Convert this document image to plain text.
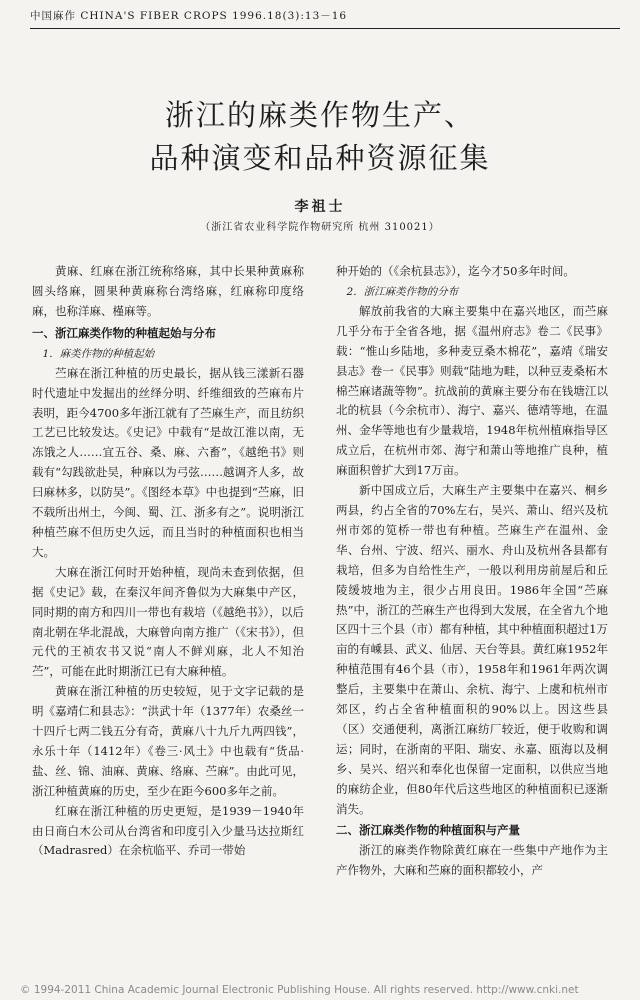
中国麻作 CHINA'S FIBER CROPS 1996.18(3):13－16
浙江的麻类作物生产、
品种演变和品种资源征集
李祖士
（浙江省农业科学院作物研究所 杭州 310021）

黄麻、红麻在浙江统称络麻，其中长果种黄麻称圆头络麻，圆果种黄麻称台湾络麻，红麻称印度络麻，也称洋麻、槿麻等。

一、浙江麻类作物的种植起始与分布
1．麻类作物的种植起始

苎麻在浙江种植的历史最长，据从钱三漾新石器时代遗址中发掘出的丝绎分明、纤维细致的苎麻布片表明，距今4700多年浙江就有了苎麻生产，而且纺织工艺已比较发达。《史记》中载有“是故江淮以南，无冻饿之人……宜五谷、桑、麻、六畜”，《越绝书》则载有“勾践欲赴吴，种麻以为弓弦……越调齐人多，故曰麻林多，以防吴”。《图经本草》中也提到“苎麻，旧不载所出州土，今闽、蜀、江、浙多有之”。说明浙江种植苎麻不但历史久远，而且当时的种植面积也相当大。

大麻在浙江何时开始种植，现尚未查到依据，但据《史记》载，在秦汉年间齐鲁似为大麻集中产区，同时期的南方和四川一带也有栽培（《越绝书》），以后南北朝在华北混战，大麻曾向南方推广（《宋书》），但元代的王祯农书又说“南人不鲜刈麻，北人不知治苎”，可能在此时期浙江已有大麻种植。

黄麻在浙江种植的历史较短，见于文字记载的是明《嘉靖仁和县志》：“洪武十年（1377年）农桑丝一十四斤七两二钱五分有奇，黄麻八十九斤九两四钱”，永乐十年（1412年）《卷三·风土》中也载有“货品·盐、丝、锦、油麻、黄麻、络麻、苎麻”。由此可见，浙江种植黄麻的历史，至少在距今600多年之前。

红麻在浙江种植的历史更短，是1939－1940年由日商白木公司从台湾省和印度引入少量马达拉斯红（Madrasred）在余杭临平、乔司一带始

种开始的（《余杭县志》），迄今才50多年时间。

2．浙江麻类作物的分布

解放前我省的大麻主要集中在嘉兴地区，而苎麻几乎分布于全省各地，据《温州府志》卷二《民事》载：“惟山乡陆地，多种麦豆桑木棉花”，嘉靖《瑞安县志》卷一《民事》则载“陆地为畦，以种豆麦桑柘木棉苎麻诸蔬等物”。抗战前的黄麻主要分布在钱塘江以北的杭县（今余杭市）、海宁、嘉兴、德靖等地，在温州、金华等地也有少量栽培，1948年杭州植麻指导区成立后，在杭州市郊、海宁和萧山等地推广良种，植麻面积曾扩大到17万亩。

新中国成立后，大麻生产主要集中在嘉兴、桐乡两县，约占全省的70%左右，吴兴、萧山、绍兴及杭州市郊的笕桥一带也有种植。苎麻生产在温州、金华、台州、宁波、绍兴、丽水、舟山及杭州各县都有栽培，但多为自给性生产，一般以利用房前屋后和丘陵缓坡地为主，很少占用良田。1986年全国“苎麻热”中，浙江的苎麻生产也得到大发展，在全省九个地区四十三个县（市）都有种植，其中种植面积超过1万亩的有嵊县、武义、仙居、天台等县。黄红麻1952年种植范围有46个县（市），1958年和1961年两次调整后，主要集中在萧山、余杭、海宁、上虞和杭州市郊区，约占全省种植面积的90%以上。因这些县（区）交通便利，离浙江麻纺厂较近，便于收购和调运；同时，在浙南的平阳、瑞安、永嘉、瓯海以及桐乡、吴兴、绍兴和奉化也保留一定面积，以供应当地的麻纺企业，但80年代后这些地区的种植面积已逐渐消失。

二、浙江麻类作物的种植面积与产量

浙江的麻类作物除黄红麻在一些集中产地作为主产作物外，大麻和苎麻的面积都较小，产

© 1994-2011 China Academic Journal Electronic Publishing House. All rights reserved. http://www.cnki.net
